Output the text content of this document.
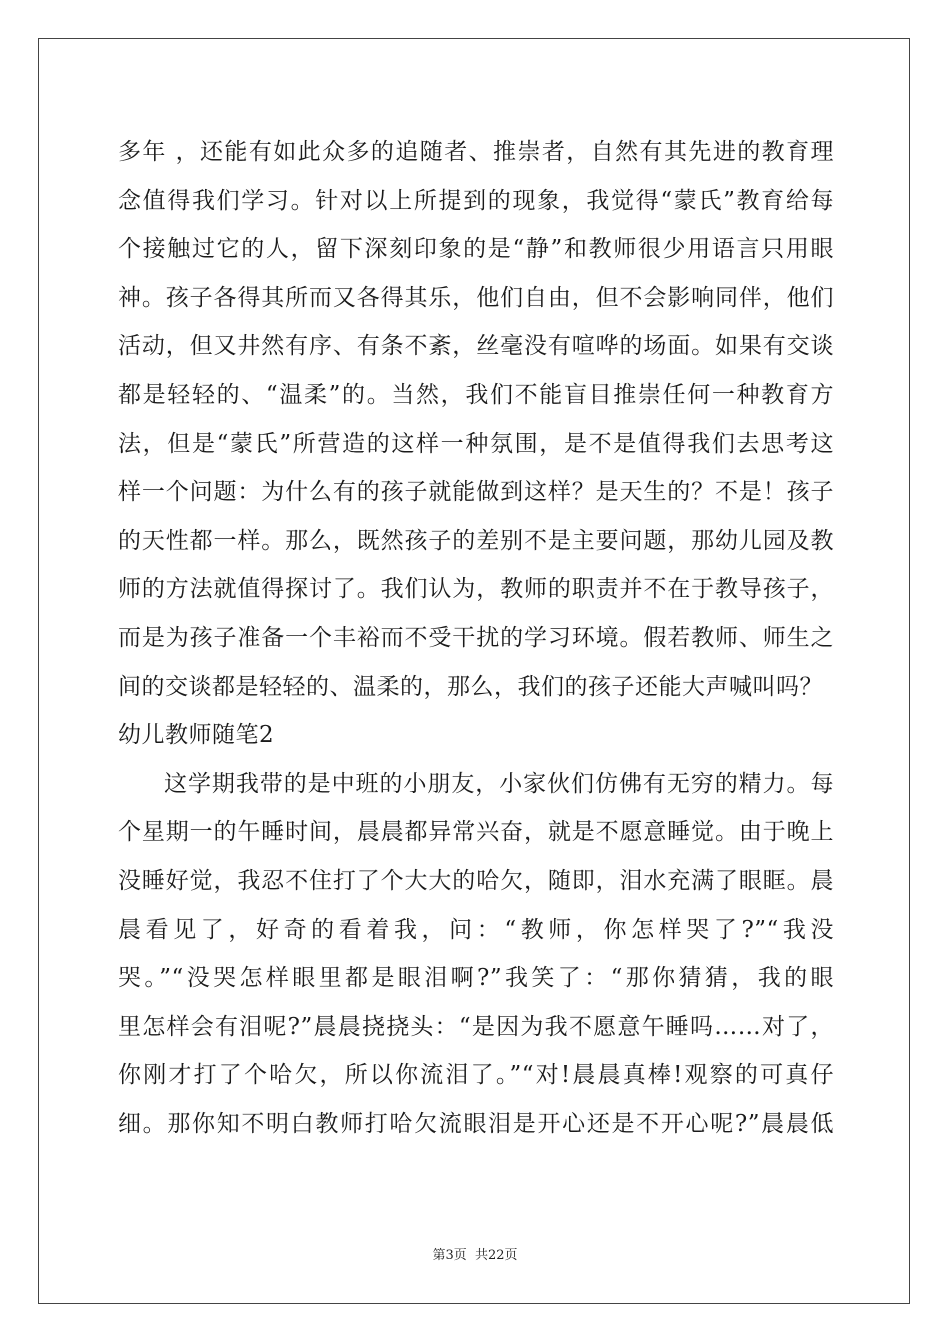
多年 ，还能有如此众多的追随者、推崇者，自然有其先进的教育理
念值得我们学习。针对以上所提到的现象，我觉得“蒙氏”教育给每
个接触过它的人，留下深刻印象的是“静”和教师很少用语言只用眼
神。孩子各得其所而又各得其乐，他们自由，但不会影响同伴，他们
活动，但又井然有序、有条不紊，丝毫没有喧哗的场面。如果有交谈
都是轻轻的、“温柔”的。当然，我们不能盲目推崇任何一种教育方
法，但是“蒙氏”所营造的这样一种氛围，是不是值得我们去思考这
样一个问题：为什么有的孩子就能做到这样？是天生的？不是！孩子
的天性都一样。那么，既然孩子的差别不是主要问题，那幼儿园及教
师的方法就值得探讨了。我们认为，教师的职责并不在于教导孩子，
而是为孩子准备一个丰裕而不受干扰的学习环境。假若教师、师生之
间的交谈都是轻轻的、温柔的，那么，我们的孩子还能大声喊叫吗？
幼儿教师随笔2
这学期我带的是中班的小朋友，小家伙们仿佛有无穷的精力。每
个星期一的午睡时间，晨晨都异常兴奋，就是不愿意睡觉。由于晚上
没睡好觉，我忍不住打了个大大的哈欠，随即，泪水充满了眼眶。晨
晨看见了，好奇的看着我，问：“教师，你怎样哭了?”“我没
哭。”“没哭怎样眼里都是眼泪啊?”我笑了：“那你猜猜，我的眼
里怎样会有泪呢?”晨晨挠挠头：“是因为我不愿意午睡吗……对了，
你刚才打了个哈欠，所以你流泪了。”“对!晨晨真棒!观察的可真仔
细。那你知不明白教师打哈欠流眼泪是开心还是不开心呢?”晨晨低
第3页 共22页
